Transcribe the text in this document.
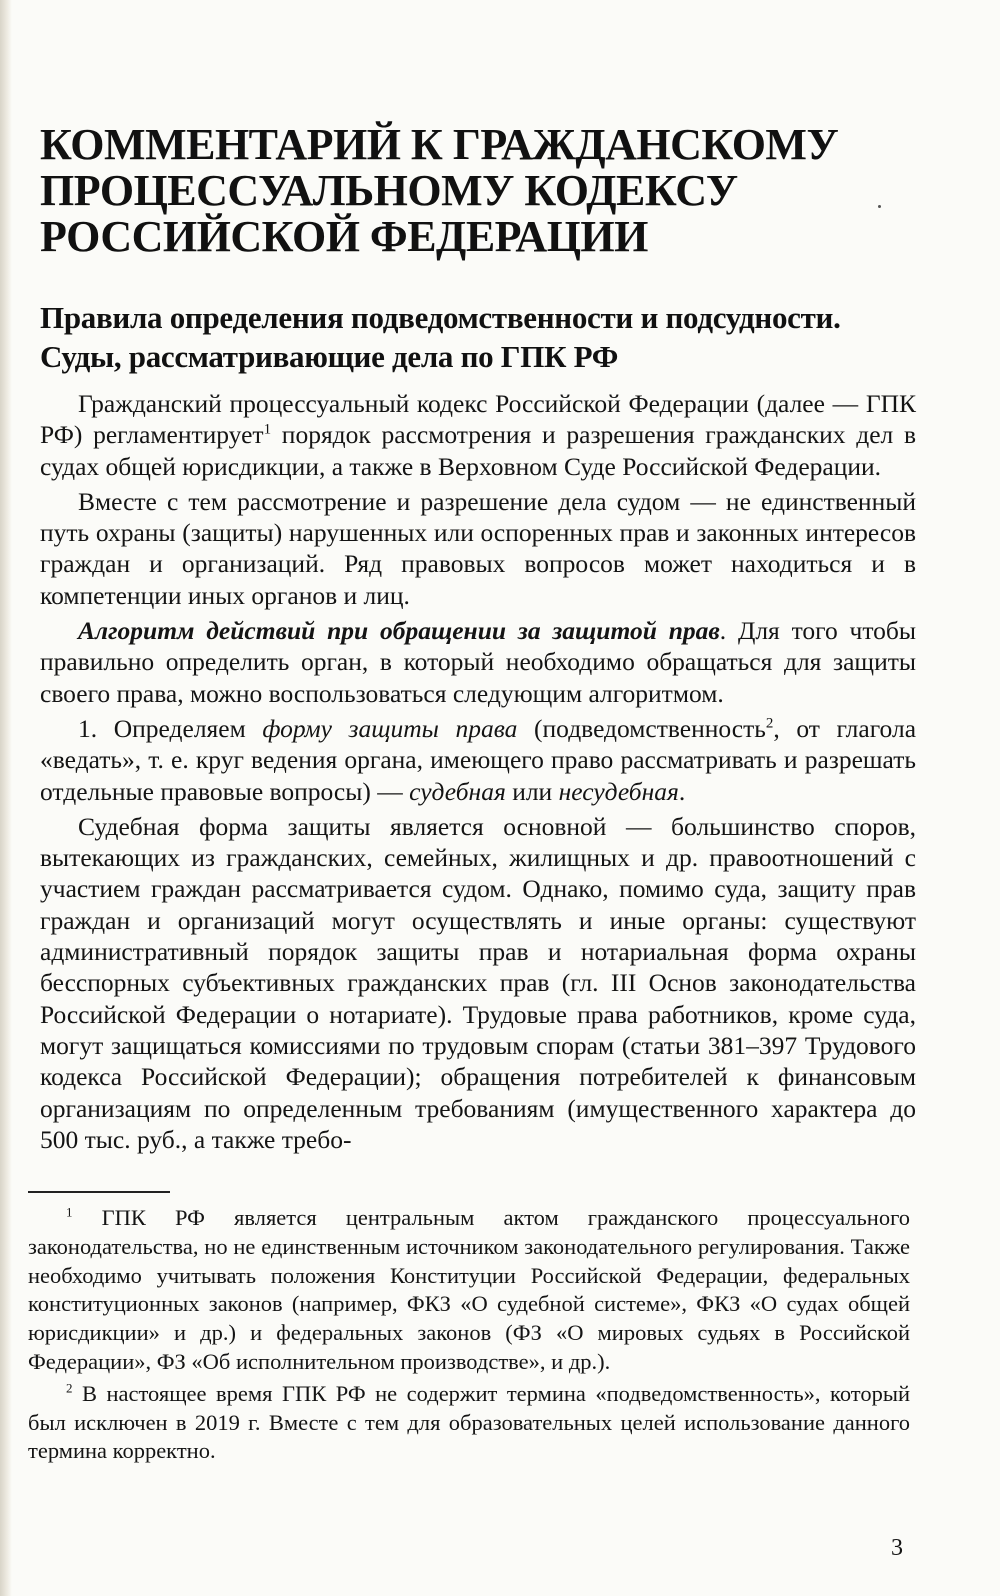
КОММЕНТАРИЙ К ГРАЖДАНСКОМУ
ПРОЦЕССУАЛЬНОМУ КОДЕКСУ
РОССИЙСКОЙ ФЕДЕРАЦИИ
Правила определения подведомственности и подсудности.
Суды, рассматривающие дела по ГПК РФ

Гражданский процессуальный кодекс Российской Федерации (далее — ГПК РФ) регламентирует$^1$ порядок рассмотрения и разрешения гражданских дел в судах общей юрисдикции, а также в Верховном Суде Российской Федерации.

Вместе с тем рассмотрение и разрешение дела судом — не единственный путь охраны (защиты) нарушенных или оспоренных прав и законных интересов граждан и организаций. Ряд правовых вопросов может находиться и в компетенции иных органов и лиц.

Алгоритм действий при обращении за защитой прав. Для того чтобы правильно определить орган, в который необходимо обращаться для защиты своего права, можно воспользоваться следующим алгоритмом.

1. Определяем форму защиты права (подведомственность$^2$, от глагола «ведать», т. е. круг ведения органа, имеющего право рассматривать и разрешать отдельные правовые вопросы) — судебная или несудебная.

Судебная форма защиты является основной — большинство споров, вытекающих из гражданских, семейных, жилищных и др. правоотношений с участием граждан рассматривается судом. Однако, помимо суда, защиту прав граждан и организаций могут осуществлять и иные органы: существуют административный порядок защиты прав и нотариальная форма охраны бесспорных субъективных гражданских прав (гл. III Основ законодательства Российской Федерации о нотариате). Трудовые права работников, кроме суда, могут защищаться комиссиями по трудовым спорам (статьи 381–397 Трудового кодекса Российской Федерации); обращения потребителей к финансовым организациям по определенным требованиям (имущественного характера до 500 тыс. руб., а также требо-

$^1$ ГПК РФ является центральным актом гражданского процессуального законодательства, но не единственным источником законодательного регулирования. Также необходимо учитывать положения Конституции Российской Федерации, федеральных конституционных законов (например, ФКЗ «О судебной системе», ФКЗ «О судах общей юрисдикции» и др.) и федеральных законов (ФЗ «О мировых судьях в Российской Федерации», ФЗ «Об исполнительном производстве», и др.).

$^2$ В настоящее время ГПК РФ не содержит термина «подведомственность», который был исключен в 2019 г. Вместе с тем для образовательных целей использование данного термина корректно.

3
